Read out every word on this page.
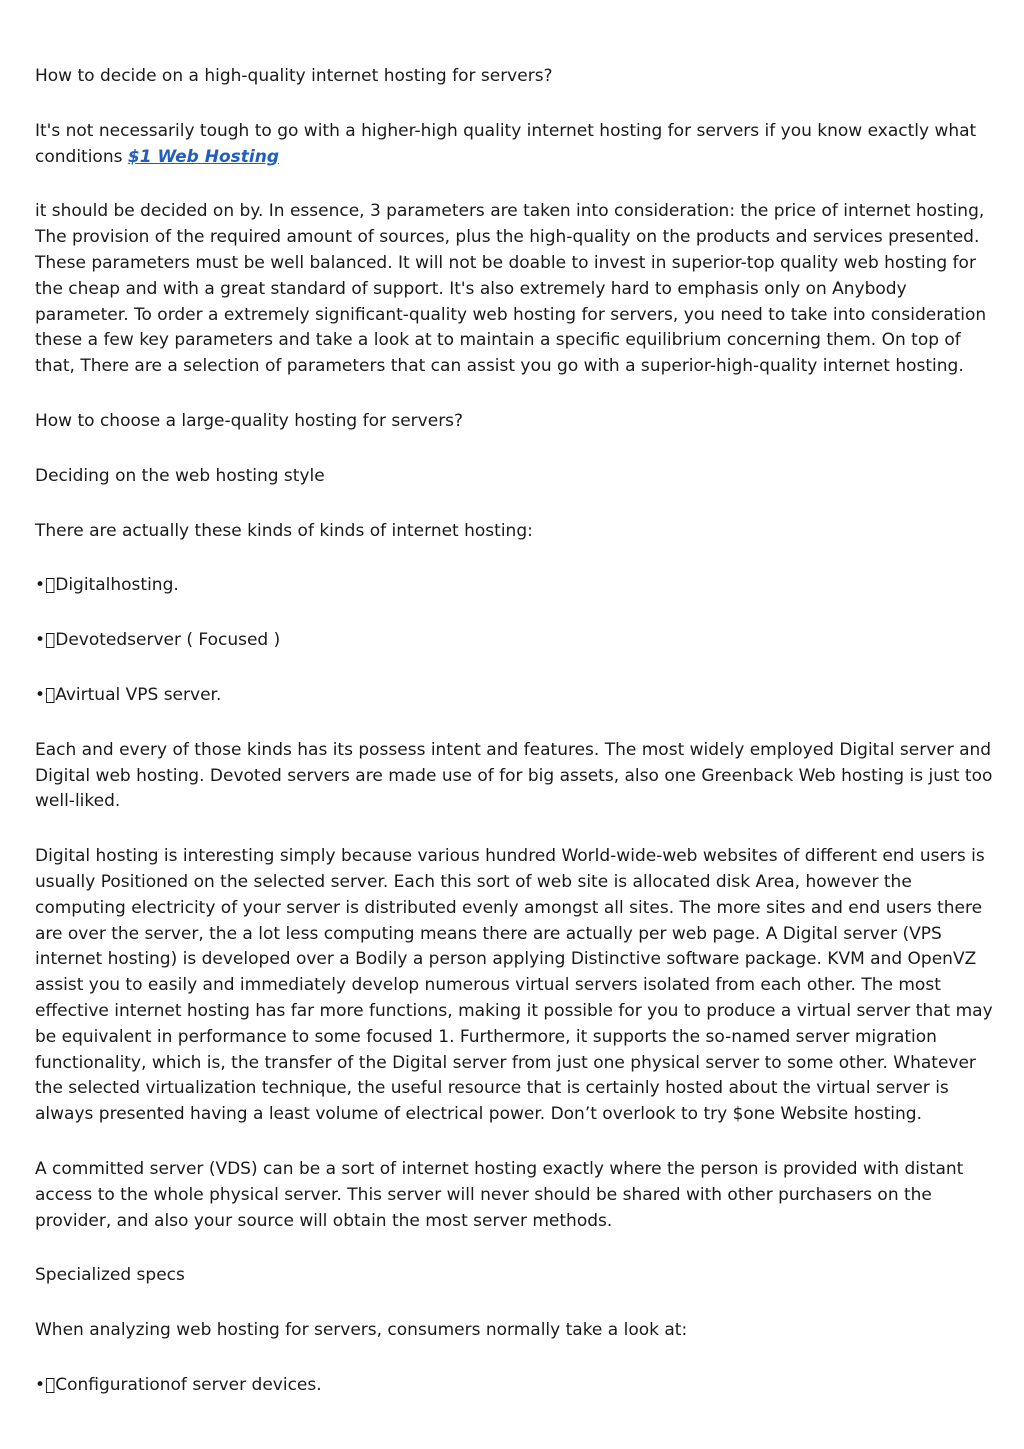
How to decide on a high-quality internet hosting for servers?

It's not necessarily tough to go with a higher-high quality internet hosting for servers if you know exactly what conditions $1 Web Hosting

it should be decided on by. In essence, 3 parameters are taken into consideration: the price of internet hosting, The provision of the required amount of sources, plus the high-quality on the products and services presented. These parameters must be well balanced. It will not be doable to invest in superior-top quality web hosting for the cheap and with a great standard of support. It's also extremely hard to emphasis only on Anybody parameter. To order a extremely significant-quality web hosting for servers, you need to take into consideration these a few key parameters and take a look at to maintain a specific equilibrium concerning them. On top of that, There are a selection of parameters that can assist you go with a superior-high-quality internet hosting.

How to choose a large-quality hosting for servers?

Deciding on the web hosting style

There are actually these kinds of kinds of internet hosting:

• Digitalhosting.

• Devotedserver ( Focused )

• Avirtual VPS server.

Each and every of those kinds has its possess intent and features. The most widely employed Digital server and Digital web hosting. Devoted servers are made use of for big assets, also one Greenback Web hosting is just too well-liked.

Digital hosting is interesting simply because various hundred World-wide-web websites of different end users is usually Positioned on the selected server. Each this sort of web site is allocated disk Area, however the computing electricity of your server is distributed evenly amongst all sites. The more sites and end users there are over the server, the a lot less computing means there are actually per web page. A Digital server (VPS internet hosting) is developed over a Bodily a person applying Distinctive software package. KVM and OpenVZ assist you to easily and immediately develop numerous virtual servers isolated from each other. The most effective internet hosting has far more functions, making it possible for you to produce a virtual server that may be equivalent in performance to some focused 1. Furthermore, it supports the so-named server migration functionality, which is, the transfer of the Digital server from just one physical server to some other. Whatever the selected virtualization technique, the useful resource that is certainly hosted about the virtual server is always presented having a least volume of electrical power. Don’t overlook to try $one Website hosting.

A committed server (VDS) can be a sort of internet hosting exactly where the person is provided with distant access to the whole physical server. This server will never should be shared with other purchasers on the provider, and also your source will obtain the most server methods.

Specialized specs

When analyzing web hosting for servers, consumers normally take a look at:

• Configurationof server devices.
